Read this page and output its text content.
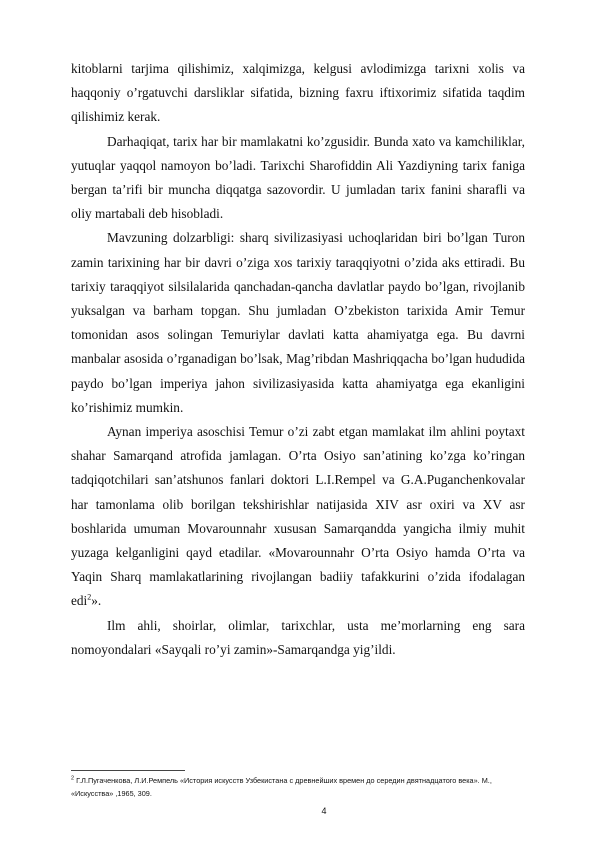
kitoblarni tarjima qilishimiz, xalqimizga, kelgusi avlodimizga tarixni xolis va haqqoniy o’rgatuvchi darsliklar sifatida, bizning faxru iftixorimiz sifatida taqdim qilishimiz kerak.

Darhaqiqat, tarix har bir mamlakatni ko’zgusidir. Bunda xato va kamchiliklar, yutuqlar yaqqol namoyon bo’ladi. Tarixchi Sharofiddin Ali Yazdiyning tarix faniga bergan ta’rifi bir muncha diqqatga sazovordir. U jumladan tarix fanini sharafli va oliy martabali deb hisobladi.

Mavzuning dolzarbligi: sharq sivilizasiyasi uchoqlaridan biri bo’lgan Turon zamin tarixining har bir davri o’ziga xos tarixiy taraqqiyotni o’zida aks ettiradi. Bu tarixiy taraqqiyot silsilalarida qanchadan-qancha davlatlar paydo bo’lgan, rivojlanib yuksalgan va barham topgan. Shu jumladan O’zbekiston tarixida Amir Temur tomonidan asos solingan Temuriylar davlati katta ahamiyatga ega. Bu davrni manbalar asosida o’rganadigan bo’lsak, Mag’ribdan Mashriqqacha bo’lgan hududida paydo bo’lgan imperiya jahon sivilizasiyasida katta ahamiyatga ega ekanligini ko’rishimiz mumkin.

Aynan imperiya asoschisi Temur o’zi zabt etgan mamlakat ilm ahlini poytaxt shahar Samarqand atrofida jamlagan. O’rta Osiyo san’atining ko’zga ko’ringan tadqiqotchilari san’atshunos fanlari doktori L.I.Rempel va G.A.Puganchenkovalar har tamonlama olib borilgan tekshirishlar natijasida XIV asr oxiri va XV asr boshlarida umuman Movarounnahr xususan Samarqandda yangicha ilmiy muhit yuzaga kelganligini qayd etadilar. «Movarounnahr O’rta Osiyo hamda O’rta va Yaqin Sharq mamlakatlarining rivojlangan badiiy tafakkurini o’zida ifodalagan edi$^2$».

Ilm ahli, shoirlar, olimlar, tarixchlar, usta me’morlarning eng sara nomoyondalari «Sayqali ro’yi zamin»-Samarqandga yig’ildi.

$^2$ Г.Л.Пугаченкова, Л.И.Ремпель «История искусств Узбекистана с древнейших времен до середин двятнадцатого века». М., «Искусства» ,1965, 309.
4
